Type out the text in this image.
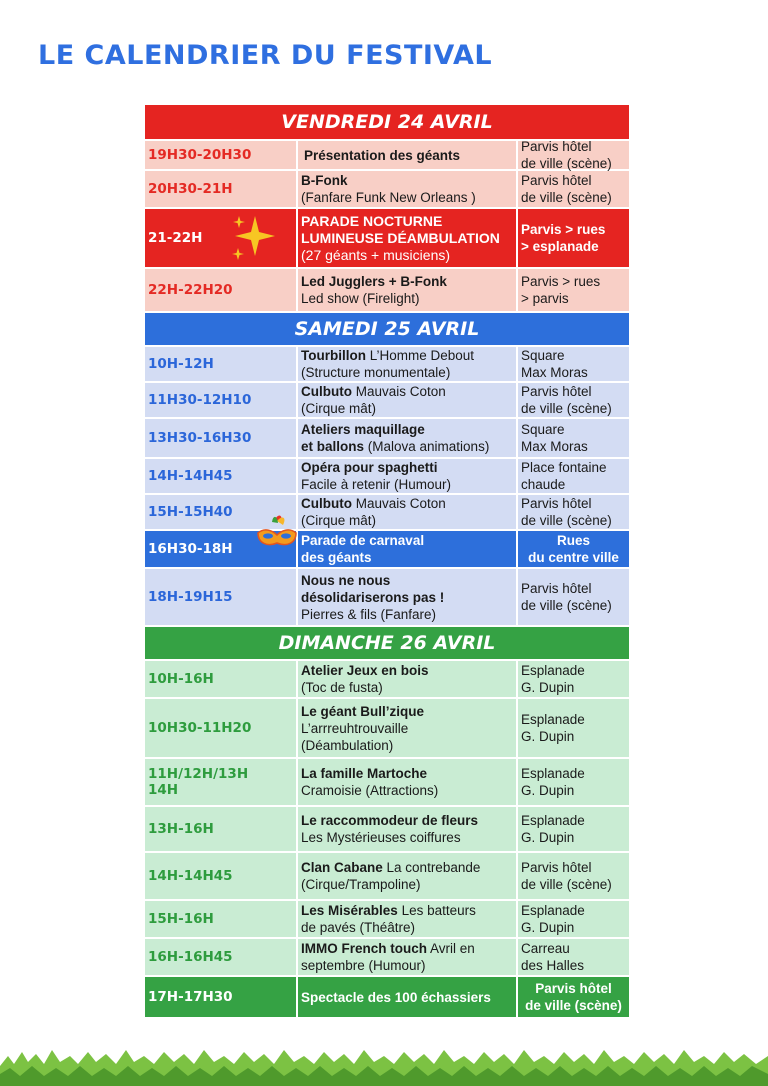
LE CALENDRIER DU FESTIVAL
VENDREDI 24 AVRIL
19H30-20H30	Présentation des géants
Parvis hôtel
de ville (scène)
20H30-21H
B-Fonk
(Fanfare Funk New Orleans )
Parvis hôtel
de ville (scène)
21-22H
PARADE NOCTURNE
LUMINEUSE DÉAMBULATION
(27 géants + musiciens)
Parvis > rues
> esplanade
22H-22H20
Led Jugglers + B-Fonk
Led show (Firelight)
Parvis > rues
> parvis
SAMEDI 25 AVRIL
10H-12H
Tourbillon L’Homme Debout
(Structure monumentale)
Square
Max Moras
11H30-12H10
Culbuto Mauvais Coton
(Cirque mât)
Parvis hôtel
de ville (scène)
13H30-16H30
Ateliers maquillage
et ballons (Malova animations)
Square
Max Moras
14H-14H45
Opéra pour spaghetti
Facile à retenir (Humour)
Place fontaine
chaude
15H-15H40
Culbuto Mauvais Coton
(Cirque mât)
Parvis hôtel
de ville (scène)
16H30-18H
Parade de carnaval
des géants
Rues
du centre ville
18H-19H15
Nous ne nous
désolidariserons pas !
Pierres & fils (Fanfare)
Parvis hôtel
de ville (scène)
DIMANCHE 26 AVRIL
10H-16H
Atelier Jeux en bois
(Toc de fusta)
Esplanade
G. Dupin
10H30-11H20
Le géant Bull’zique
L’arrreuhtrouvaille
(Déambulation)
Esplanade
G. Dupin
11H/12H/13H
14H
La famille Martoche
Cramoisie (Attractions)
Esplanade
G. Dupin
13H-16H
Le raccommodeur de fleurs
Les Mystérieuses coiffures
Esplanade
G. Dupin
14H-14H45
Clan Cabane La contrebande
(Cirque/Trampoline)
Parvis hôtel
de ville (scène)
15H-16H
Les Misérables Les batteurs
de pavés (Théâtre)
Esplanade
G. Dupin
16H-16H45
IMMO French touch Avril en
septembre (Humour)
Carreau
des Halles
17H-17H30	Spectacle des 100 échassiers
Parvis hôtel
de ville (scène)
